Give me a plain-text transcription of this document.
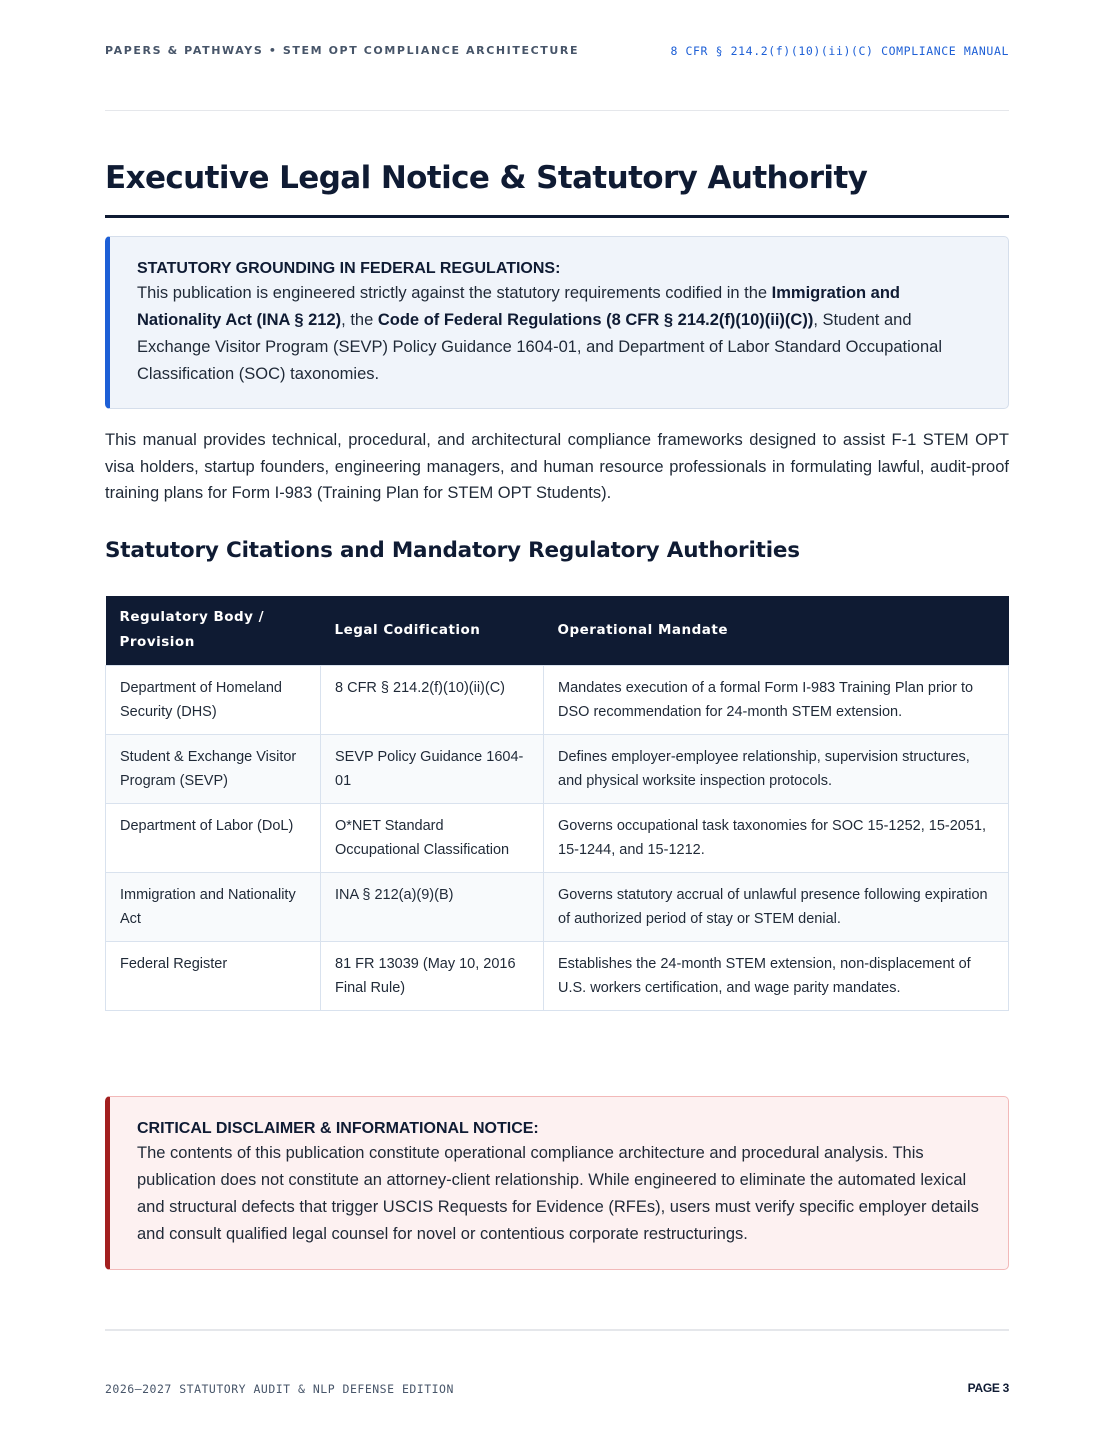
PAPERS & PATHWAYS • STEM OPT COMPLIANCE ARCHITECTURE	8 CFR § 214.2(f)(10)(ii)(C) COMPLIANCE MANUAL
Executive Legal Notice & Statutory Authority
STATUTORY GROUNDING IN FEDERAL REGULATIONS:
This publication is engineered strictly against the statutory requirements codified in the Immigration and Nationality Act (INA § 212), the Code of Federal Regulations (8 CFR § 214.2(f)(10)(ii)(C)), Student and Exchange Visitor Program (SEVP) Policy Guidance 1604-01, and Department of Labor Standard Occupational Classification (SOC) taxonomies.

This manual provides technical, procedural, and architectural compliance frameworks designed to assist F-1 STEM OPT visa holders, startup founders, engineering managers, and human resource professionals in formulating lawful, audit-proof training plans for Form I-983 (Training Plan for STEM OPT Students).

Statutory Citations and Mandatory Regulatory Authorities
Regulatory Body / Provision	Legal Codification	Operational Mandate
Department of Homeland Security (DHS)	8 CFR § 214.2(f)(10)(ii)(C)	Mandates execution of a formal Form I-983 Training Plan prior to DSO recommendation for 24-month STEM extension.
Student & Exchange Visitor Program (SEVP)	SEVP Policy Guidance 1604-01	Defines employer-employee relationship, supervision structures, and physical worksite inspection protocols.
Department of Labor (DoL)	O*NET Standard Occupational Classification	Governs occupational task taxonomies for SOC 15-1252, 15-2051, 15-1244, and 15-1212.
Immigration and Nationality Act	INA § 212(a)(9)(B)	Governs statutory accrual of unlawful presence following expiration of authorized period of stay or STEM denial.
Federal Register	81 FR 13039 (May 10, 2016 Final Rule)	Establishes the 24-month STEM extension, non-displacement of U.S. workers certification, and wage parity mandates.
CRITICAL DISCLAIMER & INFORMATIONAL NOTICE:
The contents of this publication constitute operational compliance architecture and procedural analysis. This publication does not constitute an attorney-client relationship. While engineered to eliminate the automated lexical and structural defects that trigger USCIS Requests for Evidence (RFEs), users must verify specific employer details and consult qualified legal counsel for novel or contentious corporate restructurings.
2026–2027 STATUTORY AUDIT & NLP DEFENSE EDITION	PAGE 3
